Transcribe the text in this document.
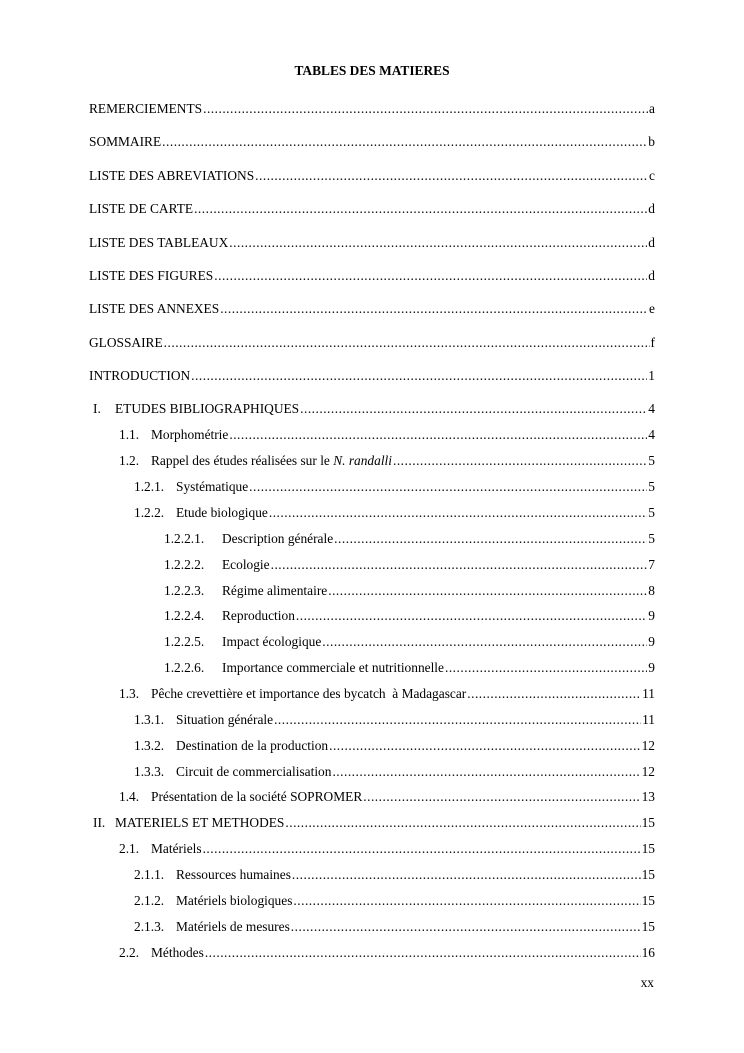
TABLES DES MATIERES
REMERCIEMENTS .....	a
SOMMAIRE .....	b
LISTE DES ABREVIATIONS .....	c
LISTE DE CARTE .....	d
LISTE DES TABLEAUX .....	d
LISTE DES FIGURES .....	d
LISTE DES ANNEXES .....	e
GLOSSAIRE .....	f
INTRODUCTION .....	1
I.	ETUDES BIBLIOGRAPHIQUES .....	4
1.1. Morphométrie .....	4
1.2. Rappel des études réalisées sur le N. randalli .....	5
1.2.1. Systématique .....	5
1.2.2. Etude biologique .....	5
1.2.2.1.	Description générale .....	5
1.2.2.2.	Ecologie .....	7
1.2.2.3.	Régime alimentaire .....	8
1.2.2.4.	Reproduction .....	9
1.2.2.5.	Impact écologique .....	9
1.2.2.6.	Importance commerciale et nutritionnelle .....	9
1.3. Pêche crevettière et importance des bycatch  à Madagascar .....	11
1.3.1. Situation générale .....	11
1.3.2. Destination de la production .....	12
1.3.3. Circuit de commercialisation .....	12
1.4. Présentation de la société SOPROMER .....	13
II. MATERIELS ET METHODES .....	15
2.1. Matériels .....	15
2.1.1. Ressources humaines .....	15
2.1.2. Matériels biologiques .....	15
2.1.3. Matériels de mesures .....	15
2.2. Méthodes .....	16
xx
